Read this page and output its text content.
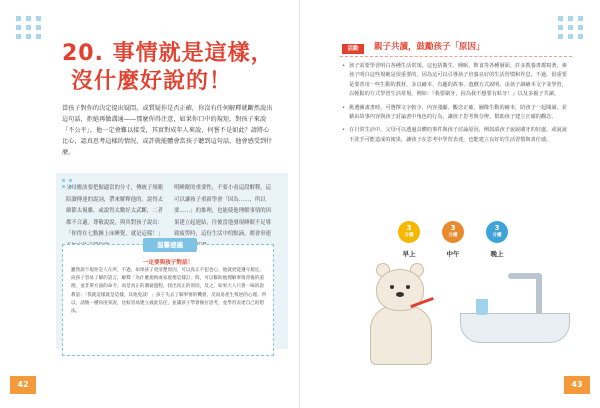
20. 事情就是這樣，
沒什麼好說的！

當孩子對你的決定提出疑問，或質疑你是否正確，你沒有任何解釋就斷然說出這句話，拒絕再做溝通——那麼你得注意，如果你口中的規矩，對孩子來說「不公平」，他一定會難以接受，其實對成年人來說，何嘗不是如此？請將心比心，認真思考這樣的情況，或許就能體會當孩子聽到這句話，他會感受到什麼。

父母應該要把握適當的分寸，傳統子規範陪讀傳達的說詞，帶來解釋他的。說得太細節太複雜，或說得太數好太武斷，二者都不合適。尊敬說說，與其對孩子說出：「你得在七點鐘上床睡覺，就是這樣！」

明睡眠的重要性，不要小看這段解釋，這可以讓孩子重新學會「因為……，所以要……」的推理，也能使他理解事情的因果建立起連結，往後當他發現睡眠不足導致疲勞時，這份生活中的點滴，都會串連

溫馨建議
一定要與孩子對話！

雖然說下規矩是人在所，不過，如果孩子更清楚原因，可以真正不犯也心，他就更能遵守規定，而孩子容易了解的語言，解釋「為什麼規則或家庭要這樣訂」時，可以幫助他理解事情背後的道理，並非單方面的命令，而是真正的溝通過程。找出真正的原因，反之，如果大人只會一味的說教話：「我就這樣就是這樣，其他免談！」孩子失去了解事情的機會，反而易產生叛逆的心理。所以，請換一種角度來說，比較容易建立彼此信任，並讓孩子學會換位思考，並學習表達自己的想法。

42
活動	親子共讀，鼓勵孩子「原因」
• 孩子需要學習明白各種生活常規，這包括衛生、睡眠、飲食等各種層面，許多教養書都寫著，素孩子明白這些規範是很重要的，因為這可以引導孩子培養良好的生活習慣和作息，不過，很重要是要善用一些生動的教材，多以繪本、有趣的故事、遊戲方式說明、由孩子讀繪本文字並學習，以輕鬆的方式學習生活常規，例如：『我要刷牙，因為我不想要有蛀牙！』以及多親子共讀。
• 挑選圖畫書時，可選擇文字較少，內容淺顯、觀念正確、圖像生動的繪本，陪孩子一起閱讀，並藉由故事內容與孩子討論書中角色的行為，讓孩子思考與分辨，幫助孩子建立正確的觀念。
• 在日常生活中，父母可以透過具體的事件與孩子討論原因，例如請孩子說說刷牙的好處，或說說不洗手可能造成的後果，讓孩子在思考中學習表達，也能建立良好的生活習慣與責任感。
3
分鐘
3
分鐘
3
分鐘
早上	中午	晚上
43
